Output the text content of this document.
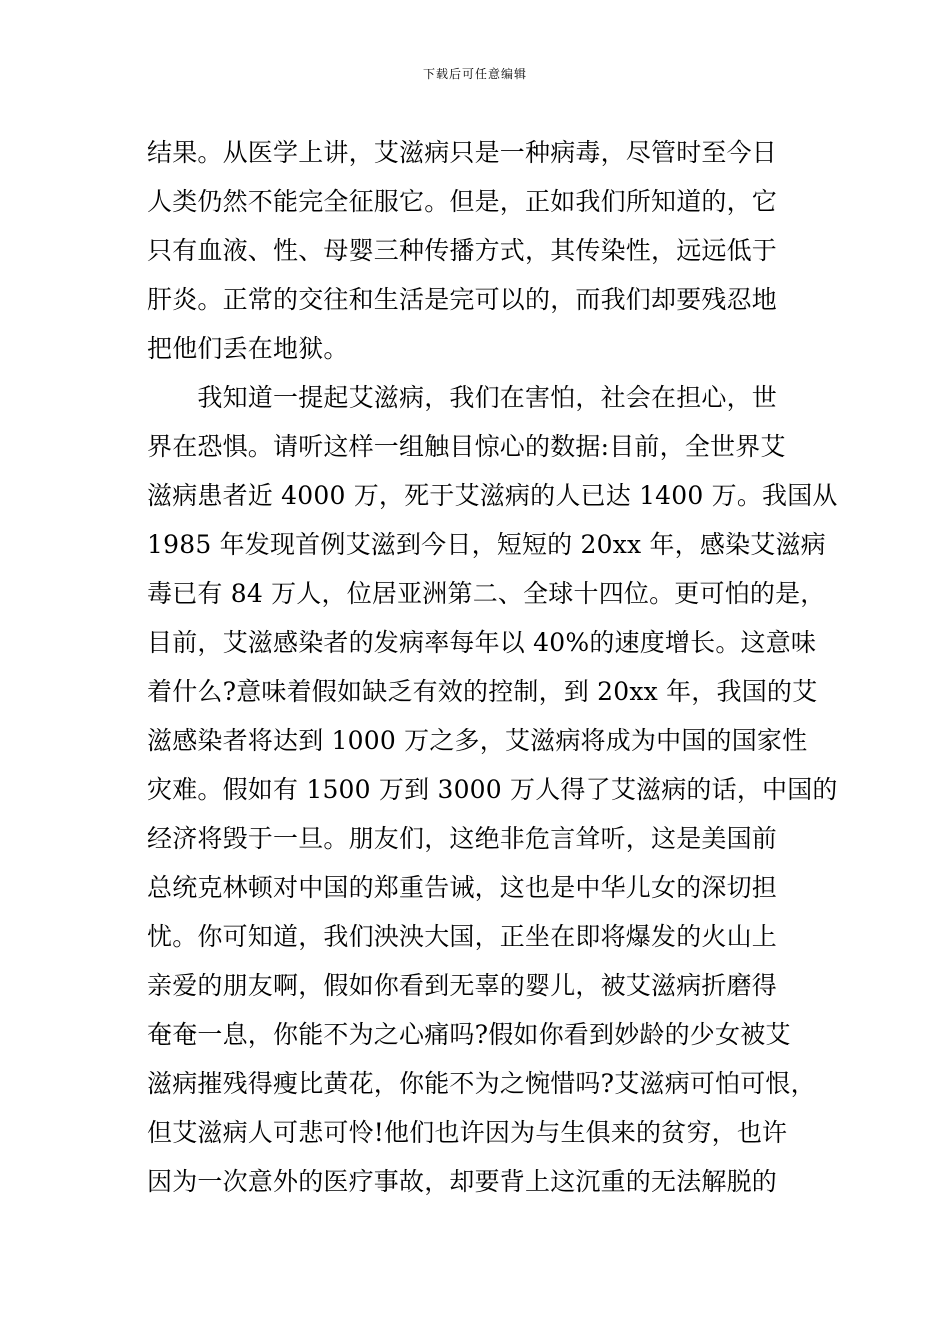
下载后可任意编辑
结果。从医学上讲，艾滋病只是一种病毒，尽管时至今日
人类仍然不能完全征服它。但是，正如我们所知道的，它
只有血液、性、母婴三种传播方式，其传染性，远远低于
肝炎。正常的交往和生活是完可以的，而我们却要残忍地
把他们丢在地狱。
　　我知道一提起艾滋病，我们在害怕，社会在担心，世
界在恐惧。请听这样一组触目惊心的数据:目前，全世界艾
滋病患者近 4000 万，死于艾滋病的人已达 1400 万。我国从
1985 年发现首例艾滋到今日，短短的 20xx 年，感染艾滋病
毒已有 84 万人，位居亚洲第二、全球十四位。更可怕的是，
目前，艾滋感染者的发病率每年以 40%的速度增长。这意味
着什么?意味着假如缺乏有效的控制，到 20xx 年，我国的艾
滋感染者将达到 1000 万之多，艾滋病将成为中国的国家性
灾难。假如有 1500 万到 3000 万人得了艾滋病的话，中国的
经济将毁于一旦。朋友们，这绝非危言耸听，这是美国前
总统克林顿对中国的郑重告诫，这也是中华儿女的深切担
忧。你可知道，我们泱泱大国，正坐在即将爆发的火山上
亲爱的朋友啊，假如你看到无辜的婴儿，被艾滋病折磨得
奄奄一息，你能不为之心痛吗?假如你看到妙龄的少女被艾
滋病摧残得瘦比黄花，你能不为之惋惜吗?艾滋病可怕可恨，
但艾滋病人可悲可怜!他们也许因为与生俱来的贫穷，也许
因为一次意外的医疗事故，却要背上这沉重的无法解脱的
